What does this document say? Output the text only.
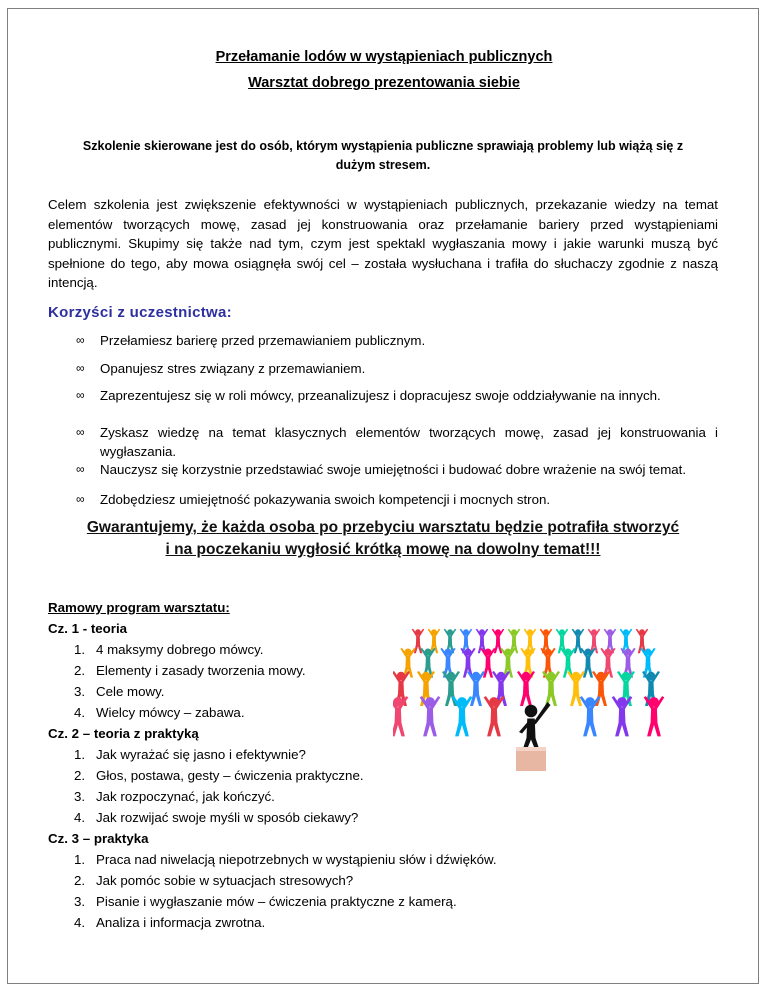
Przełamanie lodów w wystąpieniach publicznych
Warsztat dobrego prezentowania siebie
Szkolenie skierowane jest do osób, którym wystąpienia publiczne sprawiają problemy lub wiążą się z dużym stresem.
Celem szkolenia jest zwiększenie efektywności w wystąpieniach publicznych, przekazanie wiedzy na temat elementów tworzących mowę, zasad jej konstruowania oraz przełamanie bariery przed wystąpieniami publicznymi. Skupimy się także nad tym, czym jest spektakl wygłaszania mowy i jakie warunki muszą być spełnione do tego, aby mowa osiągnęła swój cel – została wysłuchana i trafiła do słuchaczy zgodnie z naszą intencją.
Korzyści z uczestnictwa:
∞	Przełamiesz barierę przed przemawianiem publicznym.
∞	Opanujesz stres związany z przemawianiem.
∞	Zaprezentujesz się w roli mówcy, przeanalizujesz i dopracujesz swoje oddziaływanie na innych.
∞	Zyskasz wiedzę na temat klasycznych elementów tworzących mowę, zasad jej konstruowania i wygłaszania.
∞	Nauczysz się korzystnie przedstawiać swoje umiejętności i budować dobre wrażenie na swój temat.
∞	Zdobędziesz umiejętność pokazywania swoich kompetencji i mocnych stron.
Gwarantujemy, że każda osoba po przebyciu warsztatu będzie potrafiła stworzyć
i na poczekaniu wygłosić krótką mowę na dowolny temat!!!
Ramowy program warsztatu:
Cz. 1 - teoria
1. 4 maksymy dobrego mówcy.
2. Elementy i zasady tworzenia mowy.
3. Cele mowy.
4. Wielcy mówcy – zabawa.
Cz. 2 – teoria z praktyką
1. Jak wyrażać się jasno i efektywnie?
2. Głos, postawa, gesty – ćwiczenia praktyczne.
3. Jak rozpoczynać, jak kończyć.
4. Jak rozwijać swoje myśli w sposób ciekawy?
Cz. 3 – praktyka
1. Praca nad niwelacją niepotrzebnych w wystąpieniu słów i dźwięków.
2. Jak pomóc sobie w sytuacjach stresowych?
3. Pisanie i wygłaszanie mów – ćwiczenia praktyczne z kamerą.
4. Analiza i informacja zwrotna.
